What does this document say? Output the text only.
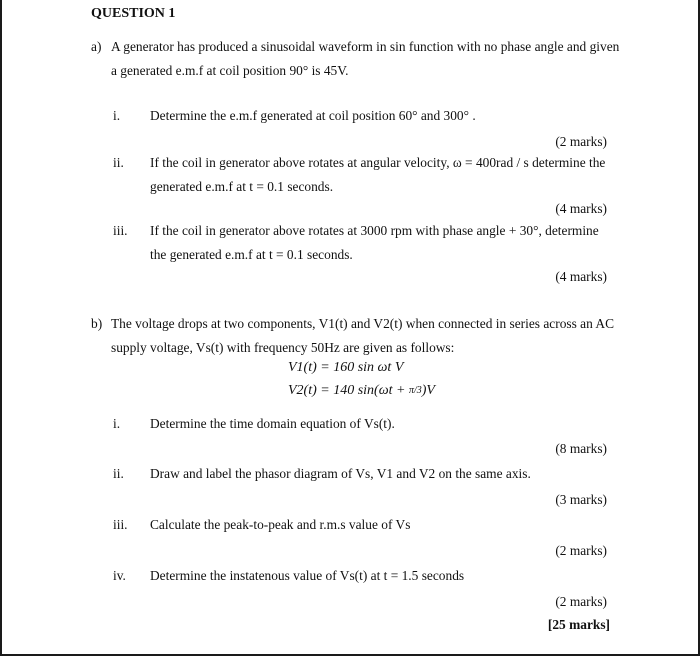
QUESTION 1
a) A generator has produced a sinusoidal waveform in sin function with no phase angle and given
a generated e.m.f at coil position 90° is 45V.
i. Determine the e.m.f generated at coil position 60° and 300° .
(2 marks)
ii. If the coil in generator above rotates at angular velocity, ω = 400rad / s determine the
generated e.m.f at t = 0.1 seconds.
(4 marks)
iii. If the coil in generator above rotates at 3000 rpm with phase angle + 30°, determine
the generated e.m.f at t = 0.1 seconds.
(4 marks)
b) The voltage drops at two components, V1(t) and V2(t) when connected in series across an AC
supply voltage, Vs(t) with frequency 50Hz are given as follows:
V1(t) = 160 sin ωt V
V2(t) = 140 sin(ωt + π/3)V
i. Determine the time domain equation of Vs(t).
(8 marks)
ii. Draw and label the phasor diagram of Vs, V1 and V2 on the same axis.
(3 marks)
iii. Calculate the peak-to-peak and r.m.s value of Vs
(2 marks)
iv. Determine the instatenous value of Vs(t) at t = 1.5 seconds
(2 marks)
[25 marks]
